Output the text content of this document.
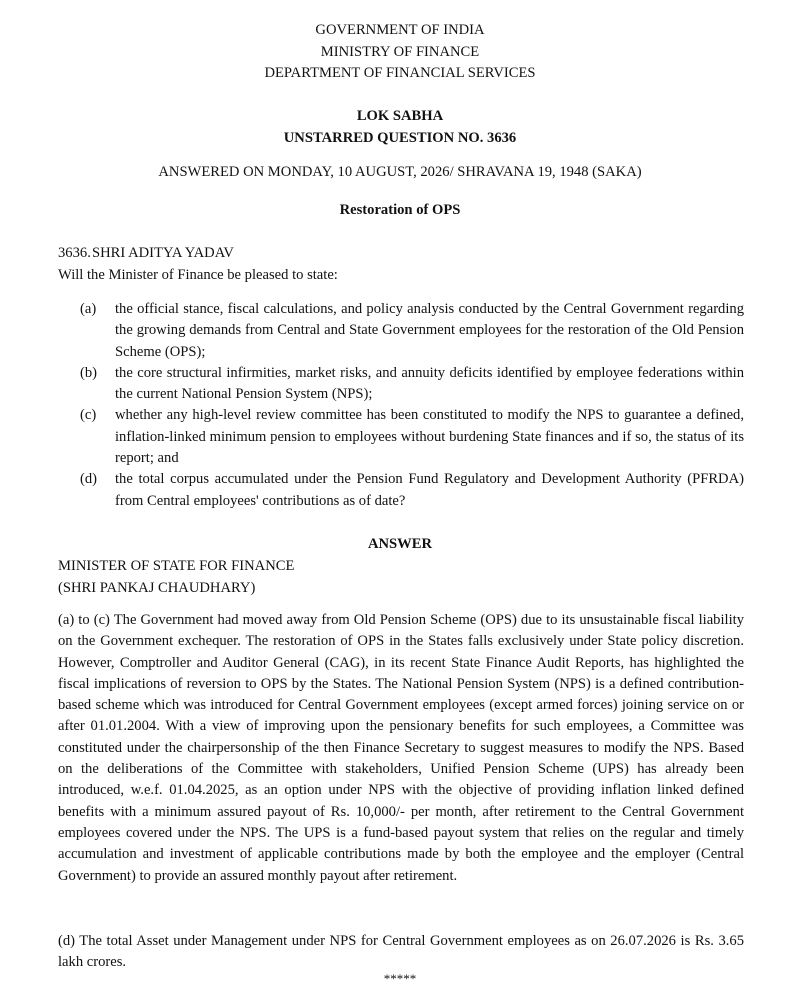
GOVERNMENT OF INDIA
MINISTRY OF FINANCE
DEPARTMENT OF FINANCIAL SERVICES
LOK SABHA
UNSTARRED QUESTION NO. 3636
ANSWERED ON MONDAY, 10 AUGUST, 2026/ SHRAVANA 19, 1948 (SAKA)
Restoration of OPS
3636.SHRI ADITYA YADAV
Will the Minister of Finance be pleased to state:
(a) the official stance, fiscal calculations, and policy analysis conducted by the Central Government regarding the growing demands from Central and State Government employees for the restoration of the Old Pension Scheme (OPS);
(b) the core structural infirmities, market risks, and annuity deficits identified by employee federations within the current National Pension System (NPS);
(c) whether any high-level review committee has been constituted to modify the NPS to guarantee a defined, inflation-linked minimum pension to employees without burdening State finances and if so, the status of its report; and
(d) the total corpus accumulated under the Pension Fund Regulatory and Development Authority (PFRDA) from Central employees' contributions as of date?
ANSWER
MINISTER OF STATE FOR FINANCE
(SHRI PANKAJ CHAUDHARY)

(a) to (c) The Government had moved away from Old Pension Scheme (OPS) due to its unsustainable fiscal liability on the Government exchequer. The restoration of OPS in the States falls exclusively under State policy discretion. However, Comptroller and Auditor General (CAG), in its recent State Finance Audit Reports, has highlighted the fiscal implications of reversion to OPS by the States. The National Pension System (NPS) is a defined contribution-based scheme which was introduced for Central Government employees (except armed forces) joining service on or after 01.01.2004. With a view of improving upon the pensionary benefits for such employees, a Committee was constituted under the chairpersonship of the then Finance Secretary to suggest measures to modify the NPS. Based on the deliberations of the Committee with stakeholders, Unified Pension Scheme (UPS) has already been introduced, w.e.f. 01.04.2025, as an option under NPS with the objective of providing inflation linked defined benefits with a minimum assured payout of Rs. 10,000/- per month, after retirement to the Central Government employees covered under the NPS. The UPS is a fund-based payout system that relies on the regular and timely accumulation and investment of applicable contributions made by both the employee and the employer (Central Government) to provide an assured monthly payout after retirement.

(d) The total Asset under Management under NPS for Central Government employees as on 26.07.2026 is Rs. 3.65 lakh crores.

*****
